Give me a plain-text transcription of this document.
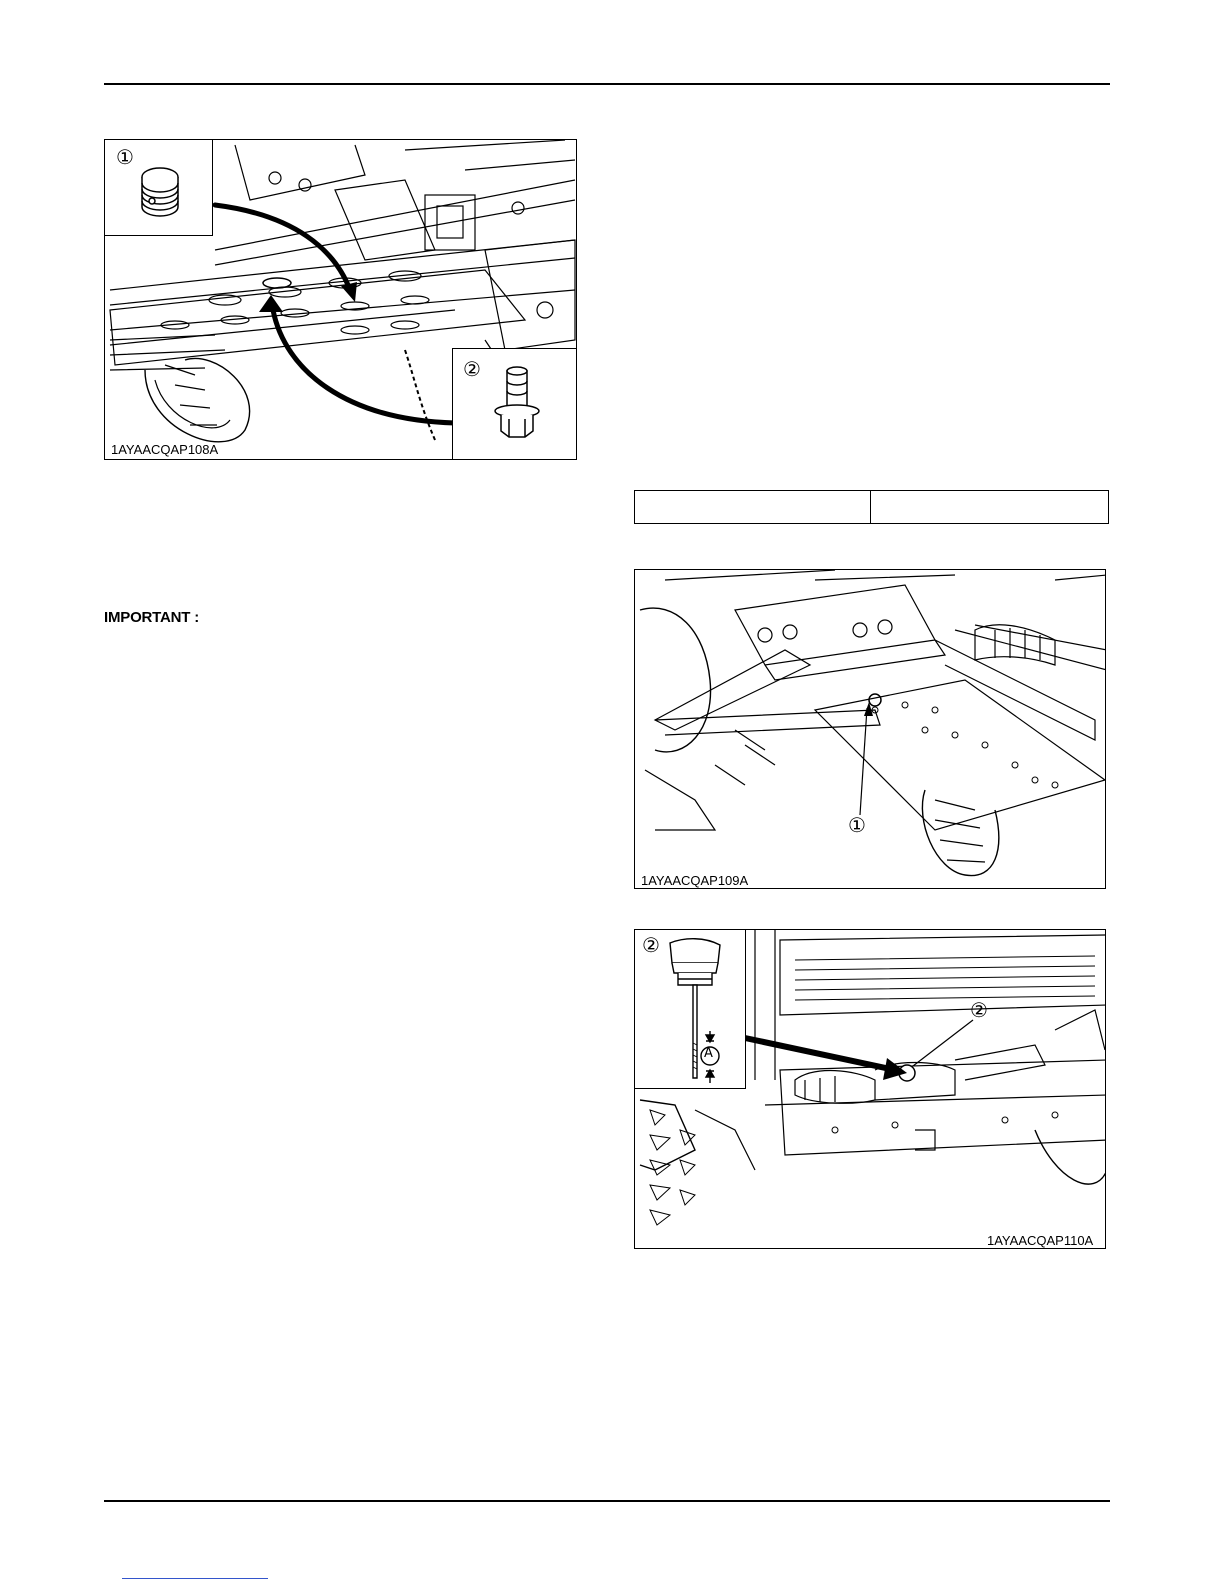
①
②
1AYAACQAP108A
IMPORTANT :
①
1AYAACQAP109A
②
A
②
1AYAACQAP110A
